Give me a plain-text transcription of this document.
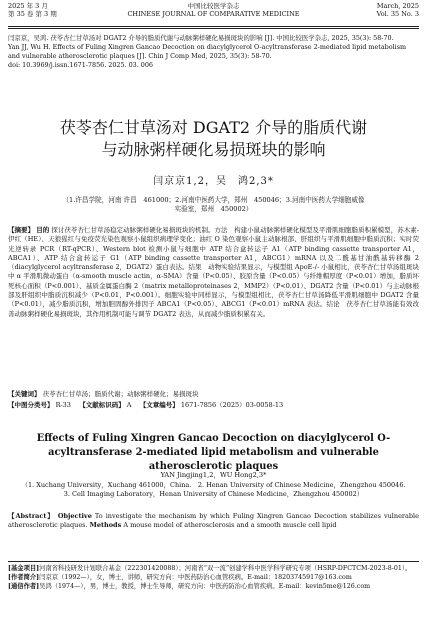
2025 年 3 月
第 35 卷 第 3 期
中国比较医学杂志
CHINESE JOURNAL OF COMPARATIVE MEDICINE
March, 2025
Vol. 35 No. 3

闫京京，吴鸿. 茯苓杏仁甘草汤对 DGAT2 介导的脂质代谢与动脉粥样硬化易损斑块的影响 [J]. 中国比较医学杂志, 2025, 35(3): 58-70.

Yan JJ, Wu H. Effects of Fuling Xingren Gancao Decoction on diacylglycerol O-acyltransferase 2-mediated lipid metabolism and vulnerable atherosclerotic plaques [J]. Chin J Comp Med, 2025, 35(3): 58-70.

doi: 10.3969/j.issn.1671-7856. 2025. 03. 006

茯苓杏仁甘草汤对 DGAT2 介导的脂质代谢
与动脉粥样硬化易损斑块的影响
闫京京1,2，吴　鸿2,3*
（1.许昌学院，河南 许昌　461000；2.河南中医药大学，郑州　450046；3.河南中医药大学细胞威像
实验室，郑州　450002）

【摘要】 目的 探讨茯苓杏仁甘草汤稳定动脉粥样硬化易损斑块的机制。方法　构建小鼠动脉粥样硬化模型及平滑肌细胞脂质积累模型，苏木素-伊红（HE）、天狼猩红与免疫荧光染色观察小鼠组织病理学变化；油红 O 染色观察小鼠主动脉根部、肝组织与平滑肌细胞中脂质沉积；实时荧光逆转录 PCR（RT-qPCR）、Western blot 检测小鼠与细胞中 ATP 结合盒转运子 A1（ATP binding cassette transporter A1，ABCA1）、ATP 结合盒转运子 G1（ATP binding cassette transporter A1，ABCG1）mRNA 以及二酰基甘油酰基转移酶 2（diacylglycerol acyltransferase 2，DGAT2）蛋白表达。结果　动物实验结果显示，与模型组 ApoE-/- 小鼠相比，茯苓杏仁甘草汤组斑块中 α 平滑肌微动蛋白（α-smooth muscle actin，α-SMA）含量（P<0.05）、胶原含量（P<0.05）与纤维帽厚度（P<0.01）增加，脂质坏死核心面积（P<0.001）、基质金属蛋白酶 2（matrix metalloproteinases 2，MMP2）（P<0.01）、DGAT2 含量（P<0.01）与主动脉根部及肝组织中脂质沉积减少（P<0.01，P<0.001）。细胞实验中同样显示，与模型组相比，茯苓杏仁甘草汤降低平滑肌细胞中 DGAT2 含量（P<0.01），减少脂质沉积，增加胆固醇外排因子 ABCA1（P<0.05）、ABCG1（P<0.01）mRNA 表达。结论　茯苓杏仁甘草汤能有效改善动脉粥样硬化易损斑块，其作用机制可能与调节 DGAT2 表达，从而减少脂质积累有关。

【关键词】 茯苓杏仁甘草汤；脂质代谢；动脉粥样硬化；易损斑块
【中图分类号】 R-33 【文献标识码】 A 【文章编号】 1671-7856（2025）03-0058-13
Effects of Fuling Xingren Gancao Decoction on diacylglycerol O-acyltransferase 2-mediated lipid metabolism and vulnerable atherosclerotic plaques
YAN Jingjing1,2，WU Hong2,3*
（1. Xuchang University，Xuchang 461000，China.　2. Henan University of Chinese Medicine，Zhengzhou 450046.
3. Cell Imaging Laboratory，Henan University of Chinese Medicine，Zhengzhou 450002）
【Abstract】 Objective To investigate the mechanism by which Fuling Xingren Gancao Decoction stabilizes vulnerable atherosclerotic plaques. Methods A mouse model of atherosclerosis and a smooth muscle cell lipid

[基金项目]河南省科技研发计划联合基金（222301420088）；河南省“双一流”创建学科中医学科学研究专项（HSRP-DFCTCM-2023-8-01）。

[作者简介]闫京京（1992—），女，博士，讲师，研究方向：中医药防治心血管疾病。E-mail：18203745917@163.com

[通信作者]吴鸿（1974—），男，博士，教授，博士生导师，研究方向：中医药防治心血管疾病。E-mail：kevin5me@126.com
